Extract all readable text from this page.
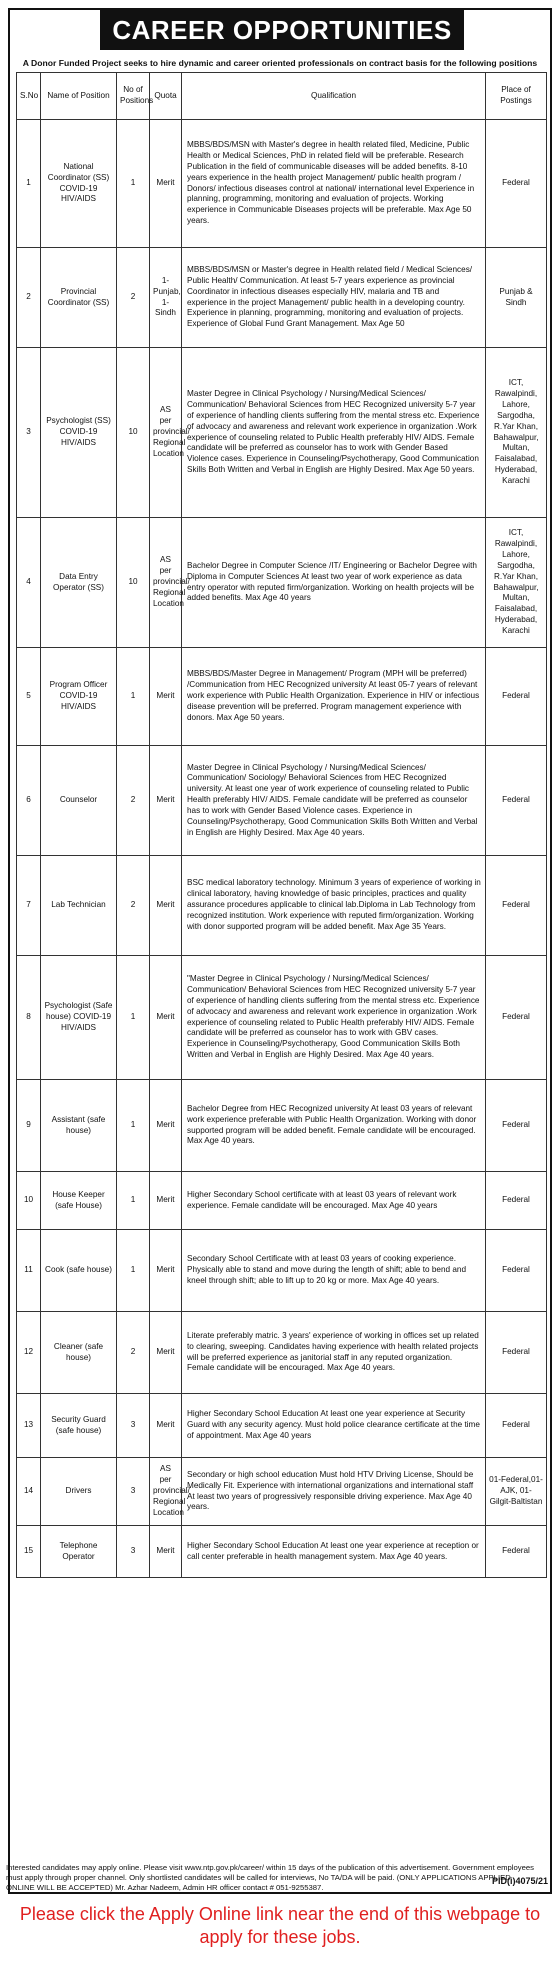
CAREER OPPORTUNITIES
A Donor Funded Project seeks to hire dynamic and career oriented professionals on contract basis for the following positions
S.No	Name of Position	No of Positions	Quota	Qualification	Place of Postings
1	National Coordinator (SS) COVID-19 HIV/AIDS	1	Merit	MBBS/BDS/MSN with Master's degree in health related filed, Medicine, Public Health or Medical Sciences, PhD in related field will be preferable. Research Publication in the field of communicable diseases will be added benefits. 8-10 years experience in the health project Management/ public health program / Donors/ infectious diseases control at national/ international level Experience in planning, programming, monitoring and evaluation of projects. Working experience in Communicable Diseases projects will be preferable. Max Age 50 years.	Federal
2	Provincial Coordinator (SS)	2	1-Punjab, 1-Sindh	MBBS/BDS/MSN or Master's degree in Health related field / Medical Sciences/ Public Health/ Communication. At least 5-7 years experience as provincial Coordinator in infectious diseases especially HIV, malaria and TB and experience in the project Management/ public health in a developing country. Experience in planning, programming, monitoring and evaluation of projects. Experience of Global Fund Grant Management. Max Age 50	Punjab & Sindh
3	Psychologist (SS) COVID-19 HIV/AIDS	10	AS per provincial/ Regional Location	Master Degree in Clinical Psychology / Nursing/Medical Sciences/ Communication/ Behavioral Sciences from HEC Recognized university 5-7 year of experience of handling clients suffering from the mental stress etc. Experience of advocacy and awareness and relevant work experience in organization .Work experience of counseling related to Public Health preferably HIV/ AIDS. Female candidate will be preferred as counselor has to work with Gender Based Violence cases. Experience in Counseling/Psychotherapy, Good Communication Skills Both Written and Verbal in English are Highly Desired. Max Age 50 years.	ICT, Rawalpindi, Lahore, Sargodha, R.Yar Khan, Bahawalpur, Multan, Faisalabad, Hyderabad, Karachi
4	Data Entry Operator (SS)	10	AS per provincial/ Regional Location	Bachelor Degree in Computer Science /IT/ Engineering or Bachelor Degree with Diploma in Computer Sciences At least two year of work experience as data entry operator with reputed firm/organization. Working on health projects will be added benefits. Max Age 40 years	ICT, Rawalpindi, Lahore, Sargodha, R.Yar Khan, Bahawalpur, Multan, Faisalabad, Hyderabad, Karachi
5	Program Officer COVID-19 HIV/AIDS	1	Merit	MBBS/BDS/Master Degree in Management/ Program (MPH will be preferred) /Communication from HEC Recognized university At least 05-7 years of relevant work experience with Public Health Organization. Experience in HIV or infectious disease prevention will be preferred. Program management experience with donors. Max Age 50 years.	Federal
6	Counselor	2	Merit	Master Degree in Clinical Psychology / Nursing/Medical Sciences/ Communication/ Sociology/ Behavioral Sciences from HEC Recognized university. At least one year of work experience of counseling related to Public Health preferably HIV/ AIDS. Female candidate will be preferred as counselor has to work with Gender Based Violence cases. Experience in Counseling/Psychotherapy, Good Communication Skills Both Written and Verbal in English are Highly Desired. Max Age 40 years.	Federal
7	Lab Technician	2	Merit	BSC medical laboratory technology. Minimum 3 years of experience of working in clinical laboratory, having knowledge of basic principles, practices and quality assurance procedures applicable to clinical lab.Diploma in Lab Technology from recognized institution. Work experience with reputed firm/organization. Working with donor supported program will be added benefit. Max Age 35 Years.	Federal
8	Psychologist (Safe house) COVID-19 HIV/AIDS	1	Merit	"Master Degree in Clinical Psychology / Nursing/Medical Sciences/ Communication/ Behavioral Sciences from HEC Recognized university 5-7 year of experience of handling clients suffering from the mental stress etc. Experience of advocacy and awareness and relevant work experience in organization .Work experience of counseling related to Public Health preferably HIV/ AIDS. Female candidate will be preferred as counselor has to work with GBV cases. Experience in Counseling/Psychotherapy, Good Communication Skills Both Written and Verbal in English are Highly Desired. Max Age 40 years.	Federal
9	Assistant (safe house)	1	Merit	Bachelor Degree from HEC Recognized university At least 03 years of relevant work experience preferable with Public Health Organization. Working with donor supported program will be added benefit. Female candidate will be encouraged. Max Age 40 years.	Federal
10	House Keeper (safe House)	1	Merit	Higher Secondary School certificate with at least 03 years of relevant work experience. Female candidate will be encouraged. Max Age 40 years	Federal
11	Cook (safe house)	1	Merit	Secondary School Certificate with at least 03 years of cooking experience. Physically able to stand and move during the length of shift; able to bend and kneel through shift; able to lift up to 20 kg or more. Max Age 40 years.	Federal
12	Cleaner (safe house)	2	Merit	Literate preferably matric. 3 years' experience of working in offices set up related to clearing, sweeping. Candidates having experience with health related projects will be preferred experience as janitorial staff in any reputed organization. Female candidate will be encouraged. Max Age 40 years.	Federal
13	Security Guard (safe house)	3	Merit	Higher Secondary School Education At least one year experience at Security Guard with any security agency. Must hold police clearance certificate at the time of appointment. Max Age 40 years	Federal
14	Drivers	3	AS per provincial/ Regional Location	Secondary or high school education Must hold HTV Driving License, Should be Medically Fit. Experience with international organizations and international staff At least two years of progressively responsible driving experience. Max Age 40 years.	01-Federal,01-AJK, 01- Gilgit-Baltistan
15	Telephone Operator	3	Merit	Higher Secondary School Education At least one year experience at reception or call center preferable in health management system. Max Age 40 years.	Federal
Interested candidates may apply online. Please visit www.ntp.gov.pk/career/ within 15 days of the publication of this advertisement. Government employees must apply through proper channel. Only shortlisted candidates will be called for interviews, No TA/DA will be paid. (ONLY APPLICATIONS APPLIED ONLINE WILL BE ACCEPTED) Mr. Azhar Nadeem, Admin HR officer contact # 051-9255387.
PID(i)4075/21
Please click the Apply Online link near the end of this webpage to apply for these jobs.
